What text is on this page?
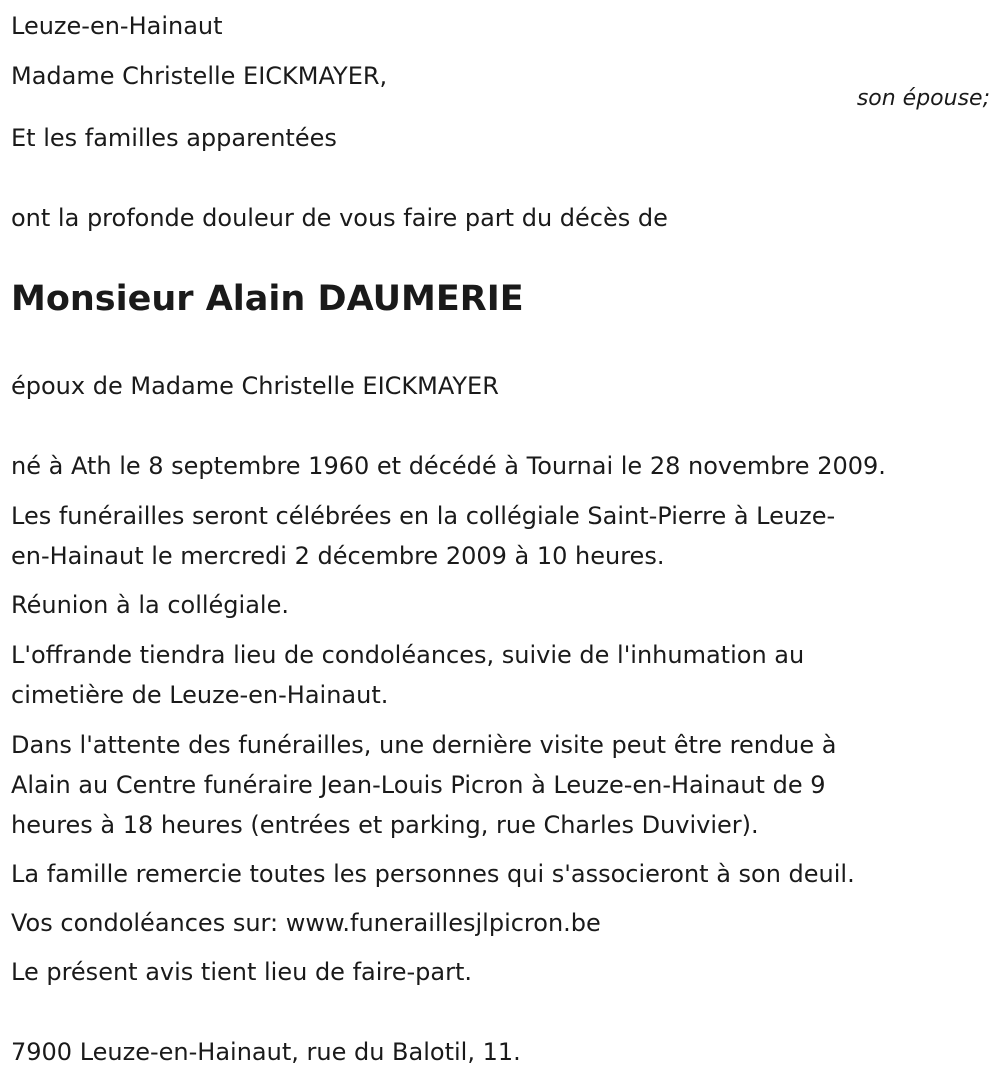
Leuze-en-Hainaut
Madame Christelle EICKMAYER,
son épouse;
Et les familles apparentées
ont la profonde douleur de vous faire part du décès de
Monsieur Alain DAUMERIE
époux de Madame Christelle EICKMAYER
né à Ath le 8 septembre 1960 et décédé à Tournai le 28 novembre 2009.
Les funérailles seront célébrées en la collégiale Saint-Pierre à Leuze-
en-Hainaut le mercredi 2 décembre 2009 à 10 heures.
Réunion à la collégiale.
L'offrande tiendra lieu de condoléances, suivie de l'inhumation au
cimetière de Leuze-en-Hainaut.
Dans l'attente des funérailles, une dernière visite peut être rendue à
Alain au Centre funéraire Jean-Louis Picron à Leuze-en-Hainaut de 9
heures à 18 heures (entrées et parking, rue Charles Duvivier).
La famille remercie toutes les personnes qui s'associeront à son deuil.
Vos condoléances sur: www.funeraillesjlpicron.be
Le présent avis tient lieu de faire-part.
7900 Leuze-en-Hainaut, rue du Balotil, 11.
